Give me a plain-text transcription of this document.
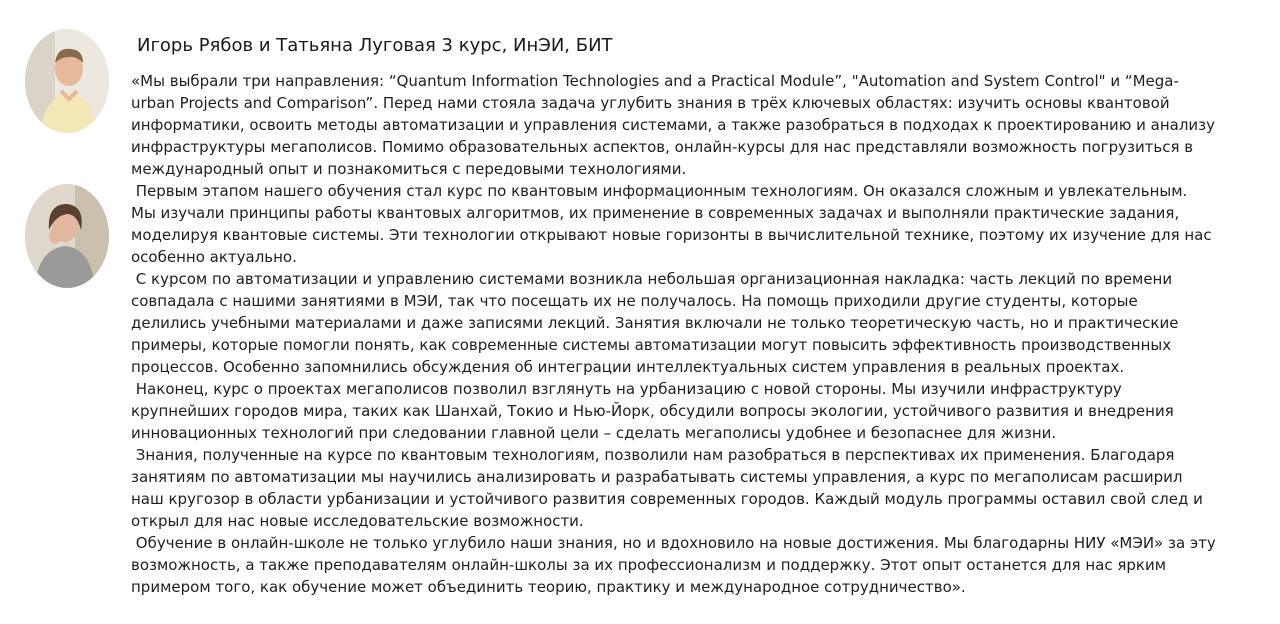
Игорь Рябов и Татьяна Луговая 3 курс, ИнЭИ, БИТ

«Мы выбрали три направления: “Quantum Information Technologies and a Practical Module”, "Automation and System Control" и “Mega-urban Projects and Comparison”. Перед нами стояла задача углубить знания в трёх ключевых областях: изучить основы квантовой информатики, освоить методы автоматизации и управления системами, а также разобраться в подходах к проектированию и анализу инфраструктуры мегаполисов. Помимо образовательных аспектов, онлайн-курсы для нас представляли возможность погрузиться в международный опыт и познакомиться с передовыми технологиями.

Первым этапом нашего обучения стал курс по квантовым информационным технологиям. Он оказался сложным и увлекательным. Мы изучали принципы работы квантовых алгоритмов, их применение в современных задачах и выполняли практические задания, моделируя квантовые системы. Эти технологии открывают новые горизонты в вычислительной технике, поэтому их изучение для нас особенно актуально.

С курсом по автоматизации и управлению системами возникла небольшая организационная накладка: часть лекций по времени совпадала с нашими занятиями в МЭИ, так что посещать их не получалось. На помощь приходили другие студенты, которые делились учебными материалами и даже записями лекций. Занятия включали не только теоретическую часть, но и практические примеры, которые помогли понять, как современные системы автоматизации могут повысить эффективность производственных процессов. Особенно запомнились обсуждения об интеграции интеллектуальных систем управления в реальных проектах.

Наконец, курс о проектах мегаполисов позволил взглянуть на урбанизацию с новой стороны. Мы изучили инфраструктуру крупнейших городов мира, таких как Шанхай, Токио и Нью-Йорк, обсудили вопросы экологии, устойчивого развития и внедрения инновационных технологий при следовании главной цели – сделать мегаполисы удобнее и безопаснее для жизни.

Знания, полученные на курсе по квантовым технологиям, позволили нам разобраться в перспективах их применения. Благодаря занятиям по автоматизации мы научились анализировать и разрабатывать системы управления, а курс по мегаполисам расширил наш кругозор в области урбанизации и устойчивого развития современных городов. Каждый модуль программы оставил свой след и открыл для нас новые исследовательские возможности.

Обучение в онлайн-школе не только углубило наши знания, но и вдохновило на новые достижения. Мы благодарны НИУ «МЭИ» за эту возможность, а также преподавателям онлайн-школы за их профессионализм и поддержку. Этот опыт останется для нас ярким примером того, как обучение может объединить теорию, практику и международное сотрудничество».
